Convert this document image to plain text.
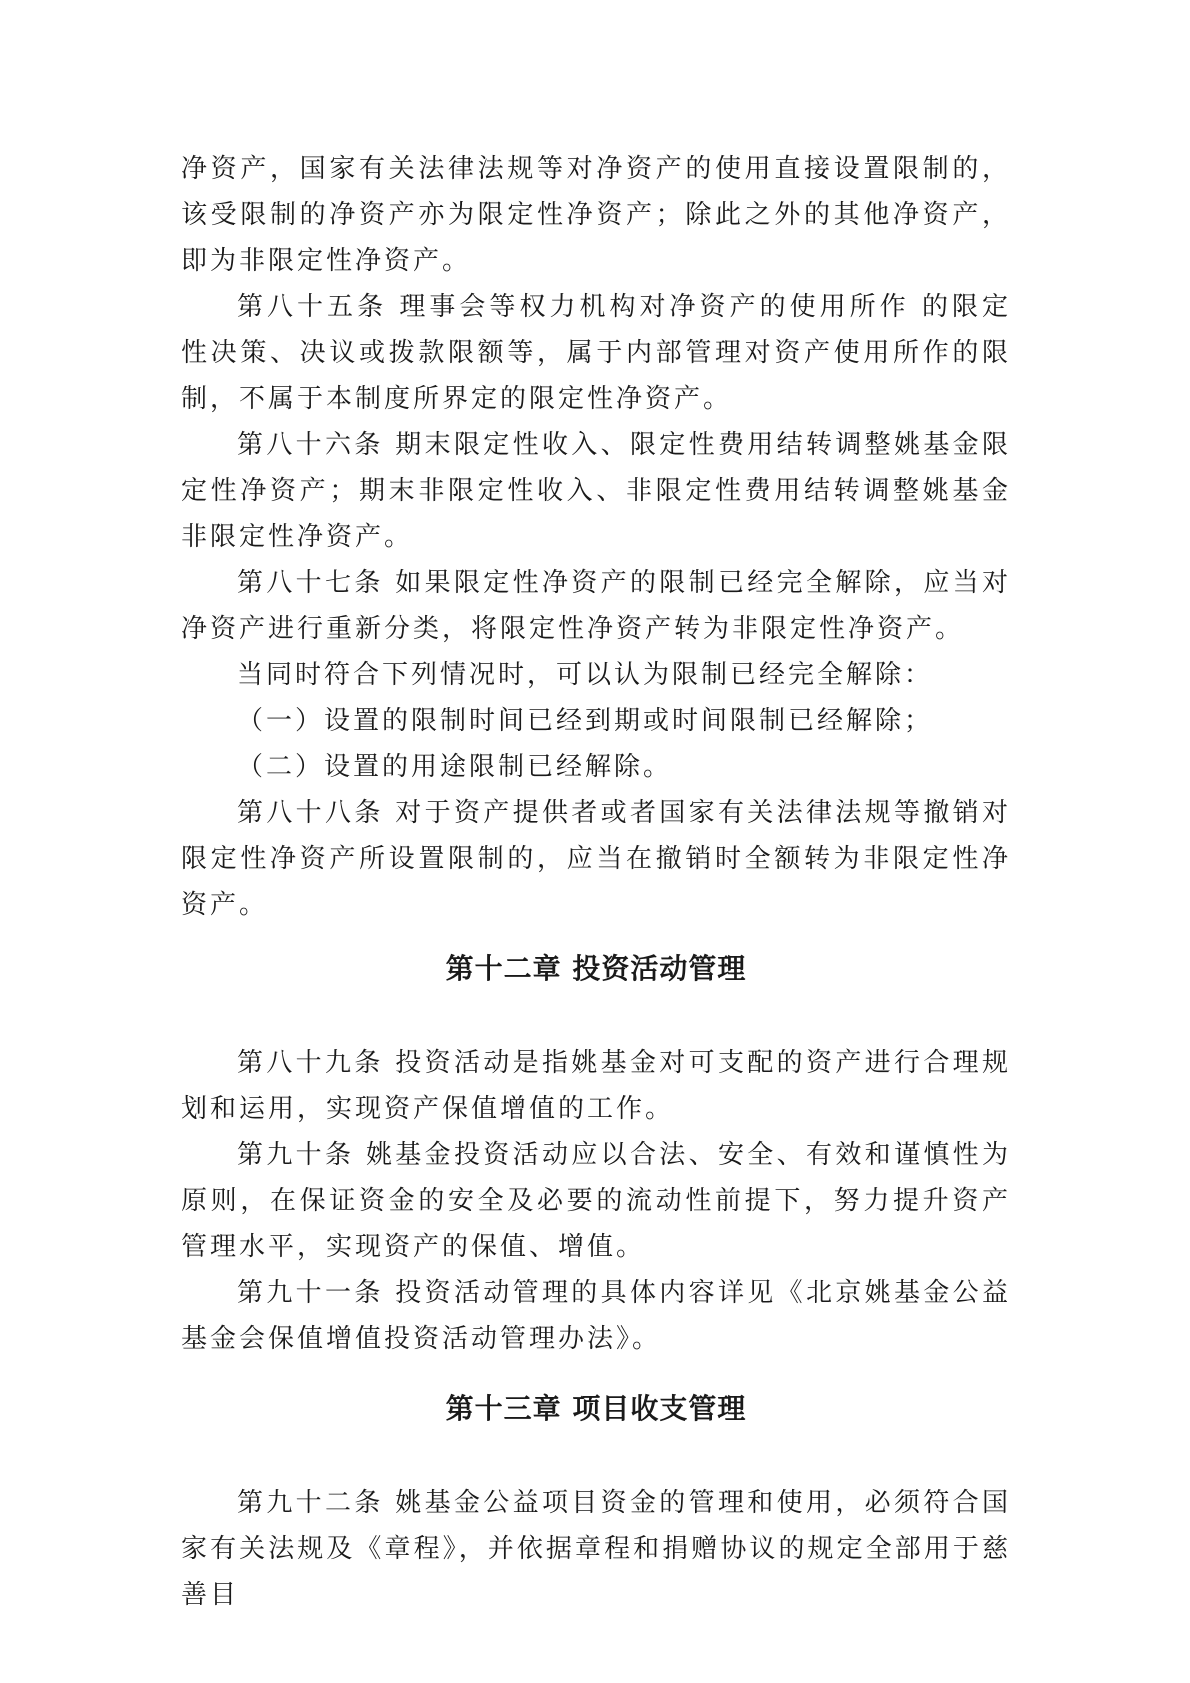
净资产，国家有关法律法规等对净资产的使用直接设置限制的，该受限制的净资产亦为限定性净资产；除此之外的其他净资产，即为非限定性净资产。

第八十五条 理事会等权力机构对净资产的使用所作 的限定性决策、决议或拨款限额等，属于内部管理对资产使用所作的限制，不属于本制度所界定的限定性净资产。

第八十六条 期末限定性收入、限定性费用结转调整姚基金限定性净资产；期末非限定性收入、非限定性费用结转调整姚基金非限定性净资产。

第八十七条 如果限定性净资产的限制已经完全解除，应当对净资产进行重新分类，将限定性净资产转为非限定性净资产。

当同时符合下列情况时，可以认为限制已经完全解除：

（一）设置的限制时间已经到期或时间限制已经解除；

（二）设置的用途限制已经解除。

第八十八条 对于资产提供者或者国家有关法律法规等撤销对限定性净资产所设置限制的，应当在撤销时全额转为非限定性净资产。

第十二章 投资活动管理

第八十九条 投资活动是指姚基金对可支配的资产进行合理规划和运用，实现资产保值增值的工作。

第九十条 姚基金投资活动应以合法、安全、有效和谨慎性为原则，在保证资金的安全及必要的流动性前提下，努力提升资产管理水平，实现资产的保值、增值。

第九十一条 投资活动管理的具体内容详见《北京姚基金公益基金会保值增值投资活动管理办法》。

第十三章 项目收支管理

第九十二条 姚基金公益项目资金的管理和使用，必须符合国家有关法规及《章程》，并依据章程和捐赠协议的规定全部用于慈善目
